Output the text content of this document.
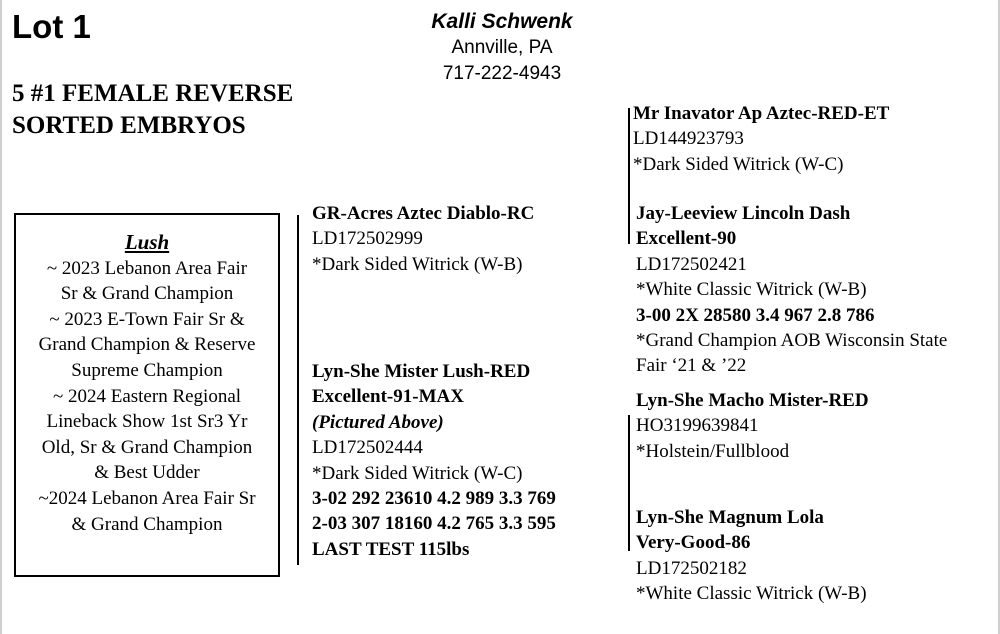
Lot 1	Kalli Schwenk
Annville, PA
717-222-4943
5 #1 FEMALE REVERSE
SORTED EMBRYOS
Lush
~ 2023 Lebanon Area Fair
Sr & Grand Champion
~ 2023 E-Town Fair Sr &
Grand Champion & Reserve
Supreme Champion
~ 2024 Eastern Regional
Lineback Show 1st Sr3 Yr
Old, Sr & Grand Champion
& Best Udder
~2024 Lebanon Area Fair Sr
& Grand Champion
GR-Acres Aztec Diablo-RC
LD172502999
*Dark Sided Witrick (W-B)
Lyn-She Mister Lush-RED
Excellent-91-MAX
(Pictured Above)
LD172502444
*Dark Sided Witrick (W-C)
3-02 292 23610 4.2 989 3.3 769
2-03 307 18160 4.2 765 3.3 595
LAST TEST 115lbs
Mr Inavator Ap Aztec-RED-ET
LD144923793
*Dark Sided Witrick (W-C)
Jay-Leeview Lincoln Dash
Excellent-90
LD172502421
*White Classic Witrick (W-B)
3-00 2X 28580 3.4 967 2.8 786
*Grand Champion AOB Wisconsin State
Fair ‘21 & ’22
Lyn-She Macho Mister-RED
HO3199639841
*Holstein/Fullblood
Lyn-She Magnum Lola
Very-Good-86
LD172502182
*White Classic Witrick (W-B)
